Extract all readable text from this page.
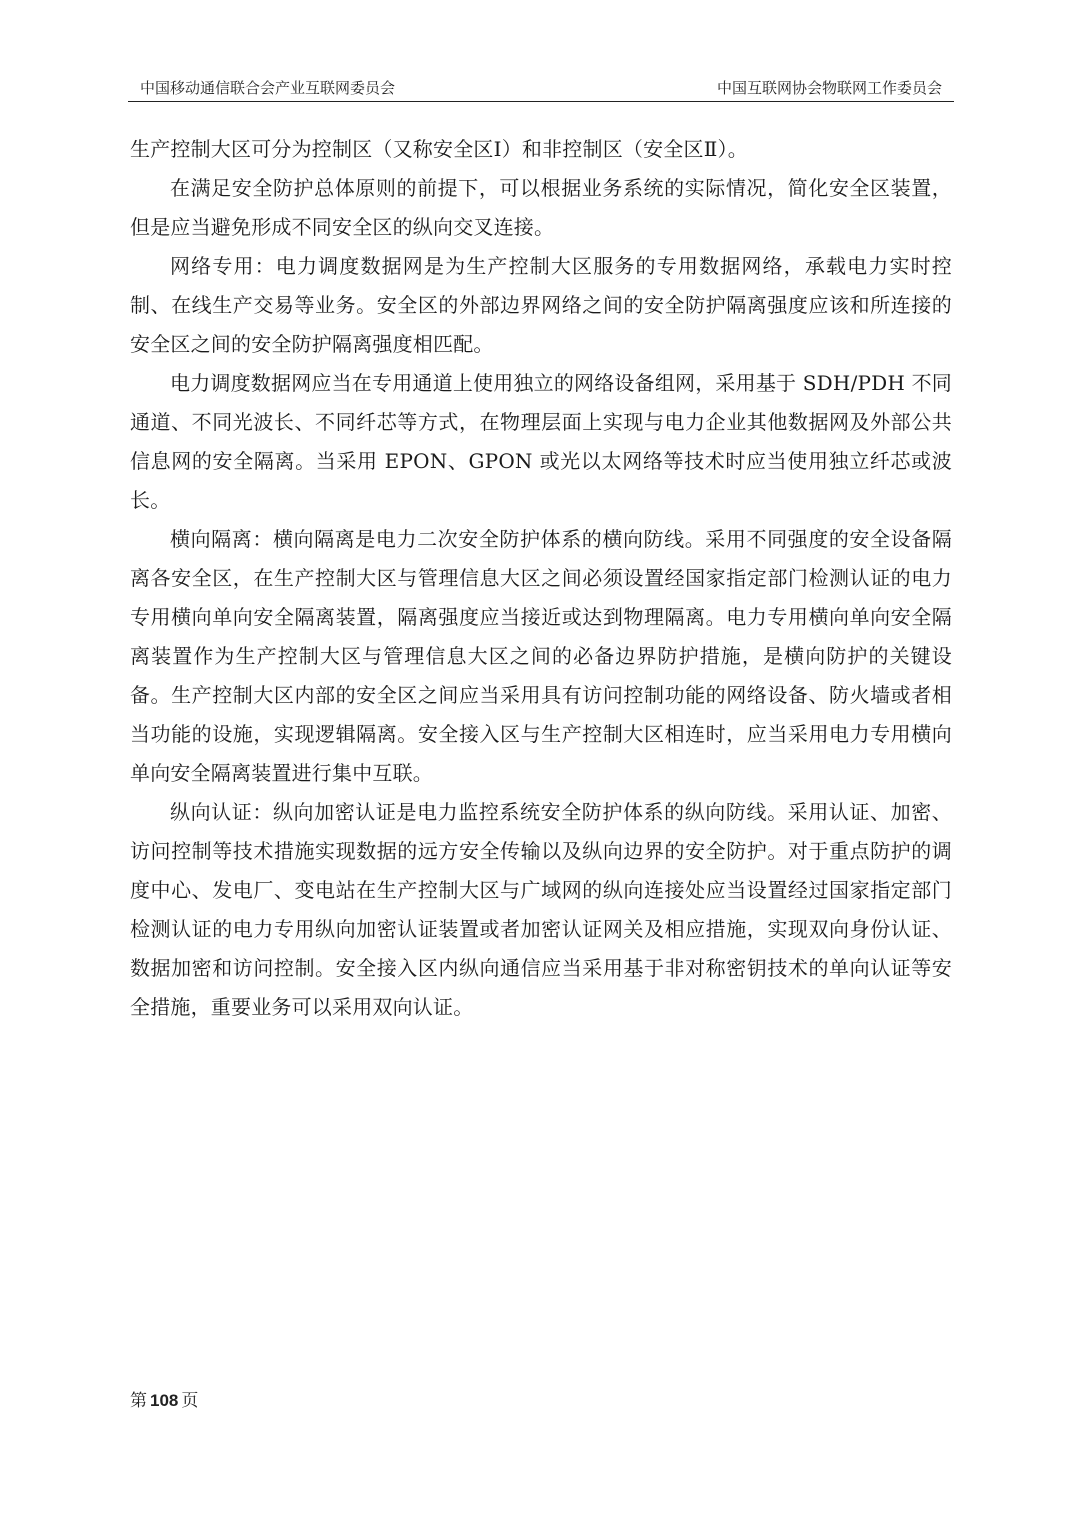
中国移动通信联合会产业互联网委员会	中国互联网协会物联网工作委员会

生产控制大区可分为控制区（又称安全区Ⅰ）和非控制区（安全区Ⅱ）。

在满足安全防护总体原则的前提下，可以根据业务系统的实际情况，简化安全区装置，但是应当避免形成不同安全区的纵向交叉连接。

网络专用：电力调度数据网是为生产控制大区服务的专用数据网络，承载电力实时控制、在线生产交易等业务。安全区的外部边界网络之间的安全防护隔离强度应该和所连接的安全区之间的安全防护隔离强度相匹配。

电力调度数据网应当在专用通道上使用独立的网络设备组网，采用基于 SDH/PDH 不同通道、不同光波长、不同纤芯等方式，在物理层面上实现与电力企业其他数据网及外部公共信息网的安全隔离。当采用 EPON、GPON 或光以太网络等技术时应当使用独立纤芯或波长。

横向隔离：横向隔离是电力二次安全防护体系的横向防线。采用不同强度的安全设备隔离各安全区，在生产控制大区与管理信息大区之间必须设置经国家指定部门检测认证的电力专用横向单向安全隔离装置，隔离强度应当接近或达到物理隔离。电力专用横向单向安全隔离装置作为生产控制大区与管理信息大区之间的必备边界防护措施，是横向防护的关键设备。生产控制大区内部的安全区之间应当采用具有访问控制功能的网络设备、防火墙或者相当功能的设施，实现逻辑隔离。安全接入区与生产控制大区相连时，应当采用电力专用横向单向安全隔离装置进行集中互联。

纵向认证：纵向加密认证是电力监控系统安全防护体系的纵向防线。采用认证、加密、访问控制等技术措施实现数据的远方安全传输以及纵向边界的安全防护。对于重点防护的调度中心、发电厂、变电站在生产控制大区与广域网的纵向连接处应当设置经过国家指定部门检测认证的电力专用纵向加密认证装置或者加密认证网关及相应措施，实现双向身份认证、数据加密和访问控制。安全接入区内纵向通信应当采用基于非对称密钥技术的单向认证等安全措施，重要业务可以采用双向认证。

第 108 页
